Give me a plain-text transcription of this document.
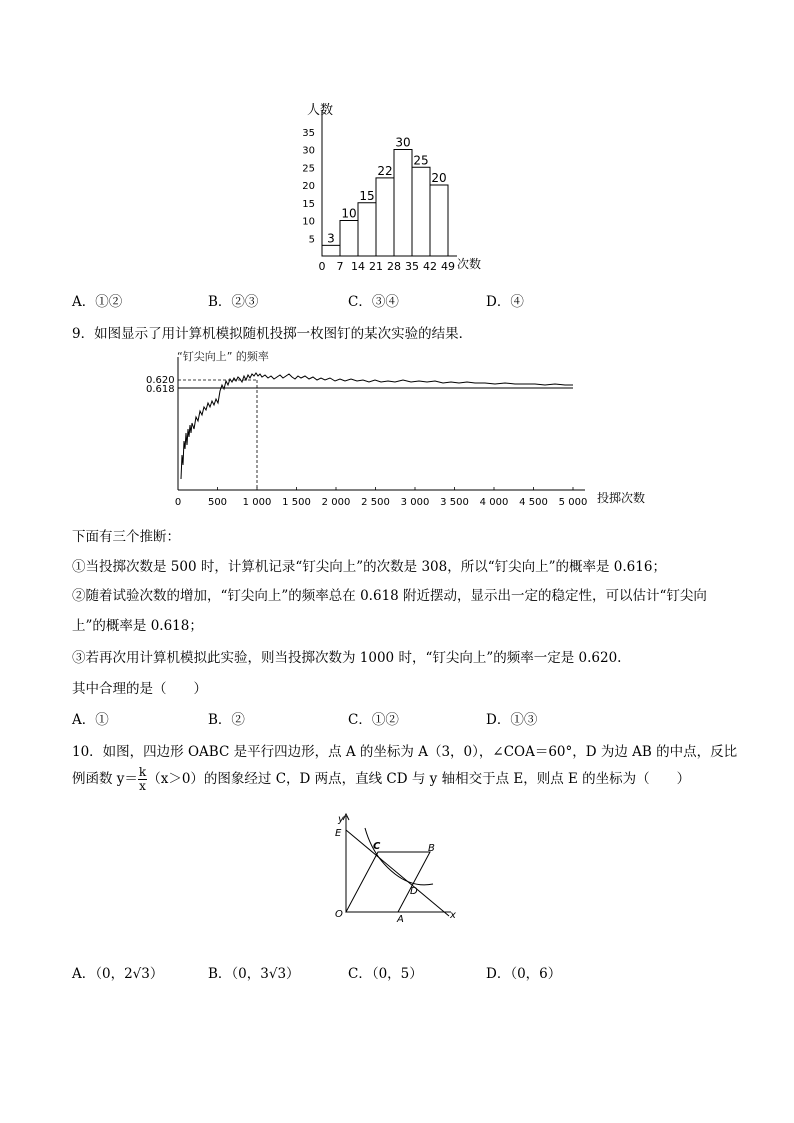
人数
35
30
25
20
15
10
5 3
10
15
22
30
25
20
0 7 14 21 28 35 42 49 次数
A．①②	B．②③	C．③④	D．④
9．如图显示了用计算机模拟随机投掷一枚图钉的某次实验的结果．
“钉尖向上” 的频率
0.620
0.618
0	500 1 000 1 500 2 000 2 500 3 000 3 500 4 000 4 500 5 000 投掷次数
下面有三个推断：
①当投掷次数是 500 时，计算机记录“钉尖向上”的次数是 308，所以“钉尖向上”的概率是 0.616；
②随着试验次数的增加，“钉尖向上”的频率总在 0.618 附近摆动，显示出一定的稳定性，可以估计“钉尖向
上”的概率是 0.618；
③若再次用计算机模拟此实验，则当投掷次数为 1000 时，“钉尖向上”的频率一定是 0.620.
其中合理的是（　　）
A．①	B．②	C．①②	D．①③
10．如图，四边形 OABC 是平行四边形，点 A 的坐标为 A（3，0），∠COA＝60°，D 为边 AB 的中点，反比
例函数 $y= \frac{k}{x} (x>0)$的图象经过 C，D 两点，直线 CD 与 y 轴相交于点 E，则点 E 的坐标为（　　）
y
x
E
C	B
D
O	A
A．（0，2√3）	B．（0，3√3）	C．（0，5）	D．（0，6）
